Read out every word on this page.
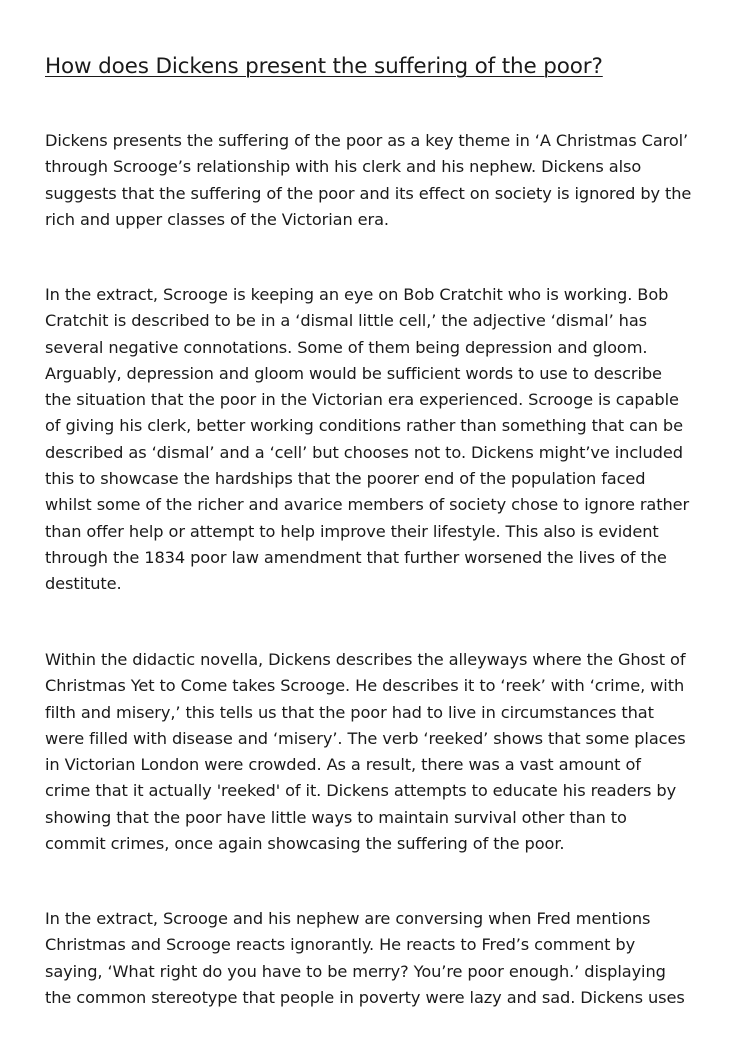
How does Dickens present the suffering of the poor?
Dickens presents the suffering of the poor as a key theme in ‘A Christmas Carol’
through Scrooge’s relationship with his clerk and his nephew. Dickens also
suggests that the suffering of the poor and its effect on society is ignored by the
rich and upper classes of the Victorian era.
In the extract, Scrooge is keeping an eye on Bob Cratchit who is working. Bob
Cratchit is described to be in a ‘dismal little cell,’ the adjective ‘dismal’ has
several negative connotations. Some of them being depression and gloom.
Arguably, depression and gloom would be sufficient words to use to describe
the situation that the poor in the Victorian era experienced. Scrooge is capable
of giving his clerk, better working conditions rather than something that can be
described as ‘dismal’ and a ‘cell’ but chooses not to. Dickens might’ve included
this to showcase the hardships that the poorer end of the population faced
whilst some of the richer and avarice members of society chose to ignore rather
than offer help or attempt to help improve their lifestyle. This also is evident
through the 1834 poor law amendment that further worsened the lives of the
destitute.
Within the didactic novella, Dickens describes the alleyways where the Ghost of
Christmas Yet to Come takes Scrooge. He describes it to ‘reek’ with ‘crime, with
filth and misery,’ this tells us that the poor had to live in circumstances that
were filled with disease and ‘misery’. The verb ‘reeked’ shows that some places
in Victorian London were crowded. As a result, there was a vast amount of
crime that it actually 'reeked' of it. Dickens attempts to educate his readers by
showing that the poor have little ways to maintain survival other than to
commit crimes, once again showcasing the suffering of the poor.
In the extract, Scrooge and his nephew are conversing when Fred mentions
Christmas and Scrooge reacts ignorantly. He reacts to Fred’s comment by
saying, ‘What right do you have to be merry? You’re poor enough.’ displaying
the common stereotype that people in poverty were lazy and sad. Dickens uses
